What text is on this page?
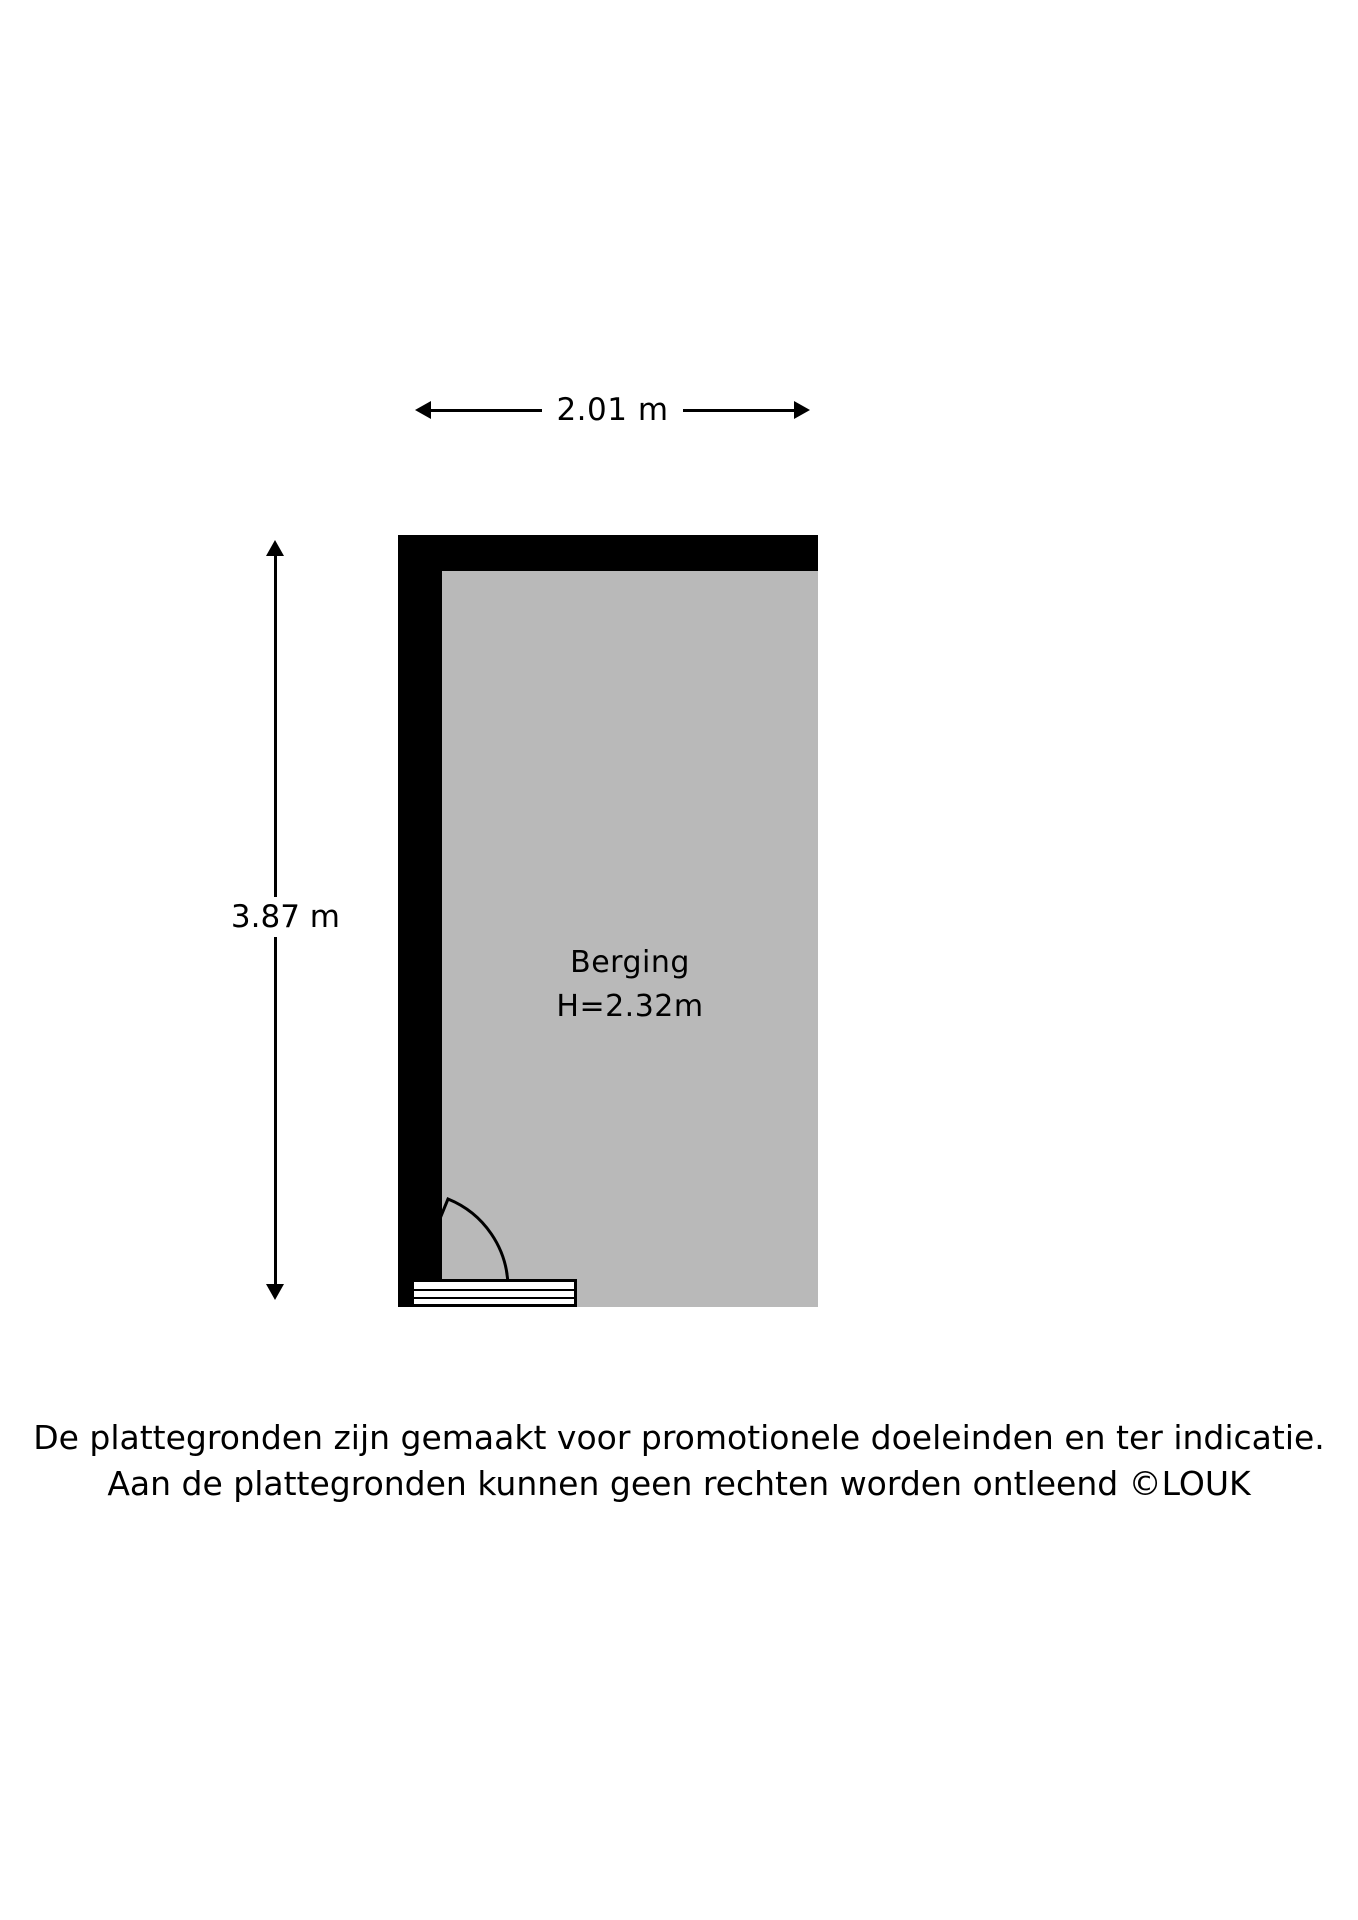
2.01 m
3.87 m
Berging
H=2.32m
De plattegronden zijn gemaakt voor promotionele doeleinden en ter indicatie.
Aan de plattegronden kunnen geen rechten worden ontleend ©LOUK
